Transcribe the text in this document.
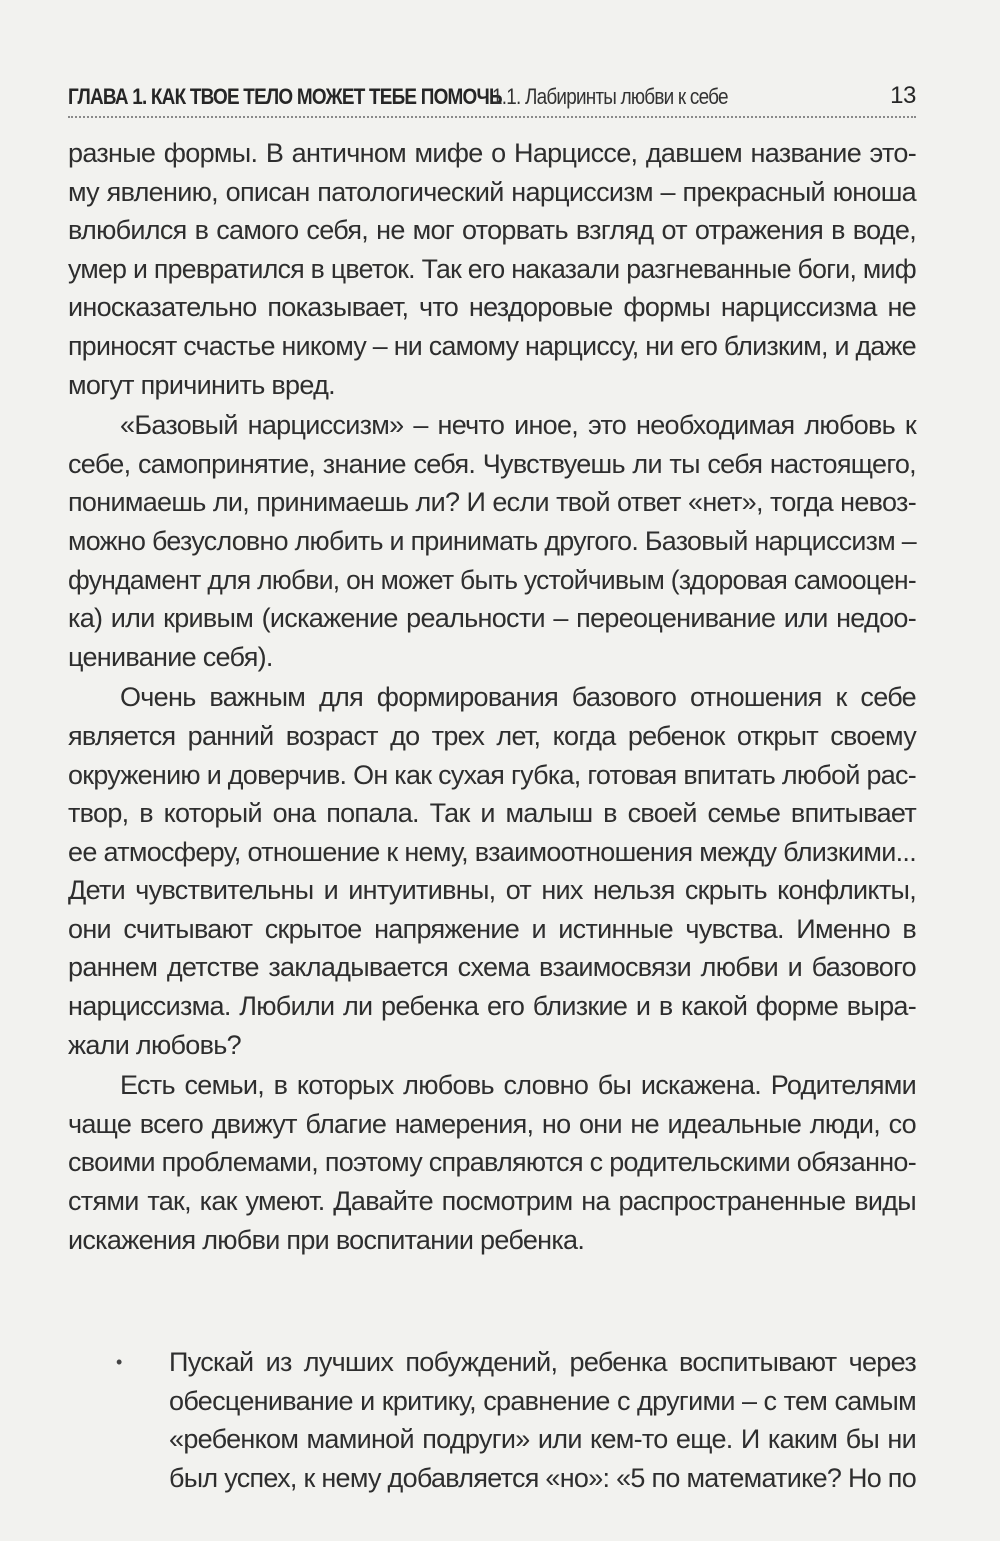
ГЛАВА 1. КАК ТВОЕ ТЕЛО МОЖЕТ ТЕБЕ ПОМОЧЬ
1.1. Лабиринты любви к себе	13
разные формы. В античном мифе о Нарциссе, давшем название это-
му явлению, описан патологический нарциссизм – прекрасный юноша
влюбился в самого себя, не мог оторвать взгляд от отражения в воде,
умер и превратился в цветок. Так его наказали разгневанные боги, миф
иносказательно показывает, что нездоровые формы нарциссизма не
приносят счастье никому – ни самому нарциссу, ни его близким, и даже
могут причинить вред.
«Базовый нарциссизм» – нечто иное, это необходимая любовь к
себе, самопринятие, знание себя. Чувствуешь ли ты себя настоящего,
понимаешь ли, принимаешь ли? И если твой ответ «нет», тогда невоз-
можно безусловно любить и принимать другого. Базовый нарциссизм –
фундамент для любви, он может быть устойчивым (здоровая самооцен-
ка) или кривым (искажение реальности – переоценивание или недоо-
ценивание себя).
Очень важным для формирования базового отношения к себе
является ранний возраст до трех лет, когда ребенок открыт своему
окружению и доверчив. Он как сухая губка, готовая впитать любой рас-
твор, в который она попала. Так и малыш в своей семье впитывает
ее атмосферу, отношение к нему, взаимоотношения между близкими...
Дети чувствительны и интуитивны, от них нельзя скрыть конфликты,
они считывают скрытое напряжение и истинные чувства. Именно в
раннем детстве закладывается схема взаимосвязи любви и базового
нарциссизма. Любили ли ребенка его близкие и в какой форме выра-
жали любовь?
Есть семьи, в которых любовь словно бы искажена. Родителями
чаще всего движут благие намерения, но они не идеальные люди, со
своими проблемами, поэтому справляются с родительскими обязанно-
стями так, как умеют. Давайте посмотрим на распространенные виды
искажения любви при воспитании ребенка.
• Пускай из лучших побуждений, ребенка воспитывают через
обесценивание и критику, сравнение с другими – с тем самым
«ребенком маминой подруги» или кем-то еще. И каким бы ни
был успех, к нему добавляется «но»: «5 по математике? Но по
